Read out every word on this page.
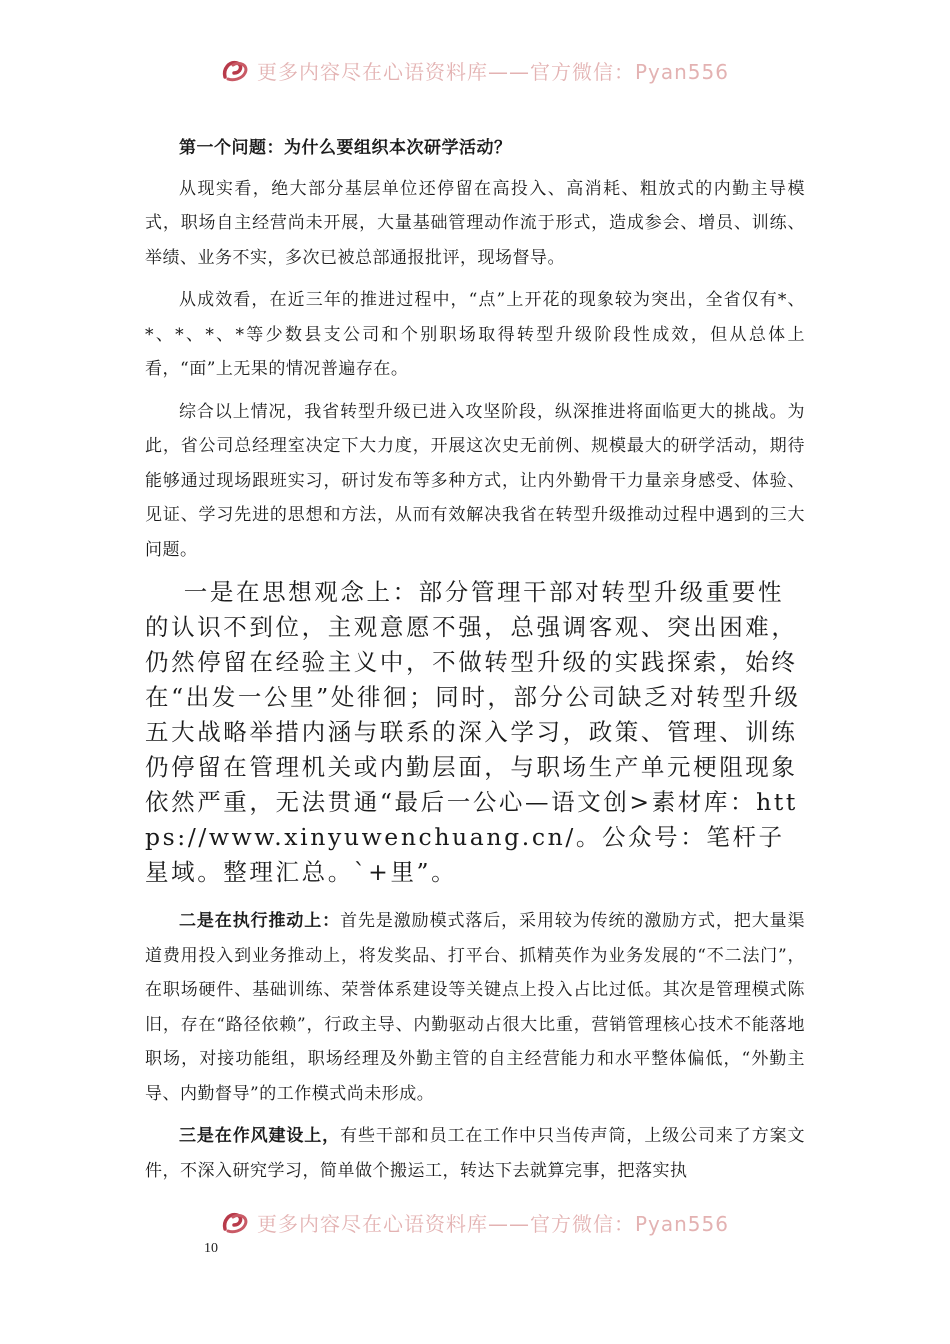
更多内容尽在心语资料库——官方微信：Pyan556

第一个问题：为什么要组织本次研学活动？

从现实看，绝大部分基层单位还停留在高投入、高消耗、粗放式的内勤主导模式，职场自主经营尚未开展，大量基础管理动作流于形式，造成参会、增员、训练、举绩、业务不实，多次已被总部通报批评，现场督导。

从成效看，在近三年的推进过程中，“点”上开花的现象较为突出，全省仅有*、*、*、*、*等少数县支公司和个别职场取得转型升级阶段性成效，但从总体上看，“面”上无果的情况普遍存在。

综合以上情况，我省转型升级已进入攻坚阶段，纵深推进将面临更大的挑战。为此，省公司总经理室决定下大力度，开展这次史无前例、规模最大的研学活动，期待能够通过现场跟班实习，研讨发布等多种方式，让内外勤骨干力量亲身感受、体验、见证、学习先进的思想和方法，从而有效解决我省在转型升级推动过程中遇到的三大问题。

一是在思想观念上：部分管理干部对转型升级重要性的认识不到位，主观意愿不强，总强调客观、突出困难，仍然停留在经验主义中，不做转型升级的实践探索，始终在“出发一公里”处徘徊；同时，部分公司缺乏对转型升级五大战略举措内涵与联系的深入学习，政策、管理、训练仍停留在管理机关或内勤层面，与职场生产单元梗阻现象依然严重，无法贯通“最后一公心—语文创>素材库：https://www.xinyuwenchuang.cn/。公众号：笔杆子星域。整理汇总。`+里”。

二是在执行推动上：首先是激励模式落后，采用较为传统的激励方式，把大量渠道费用投入到业务推动上，将发奖品、打平台、抓精英作为业务发展的“不二法门”，在职场硬件、基础训练、荣誉体系建设等关键点上投入占比过低。其次是管理模式陈旧，存在“路径依赖”，行政主导、内勤驱动占很大比重，营销管理核心技术不能落地职场，对接功能组，职场经理及外勤主管的自主经营能力和水平整体偏低，“外勤主导、内勤督导”的工作模式尚未形成。

三是在作风建设上，有些干部和员工在工作中只当传声筒，上级公司来了方案文件，不深入研究学习，简单做个搬运工，转达下去就算完事，把落实执

更多内容尽在心语资料库——官方微信：Pyan556
10
